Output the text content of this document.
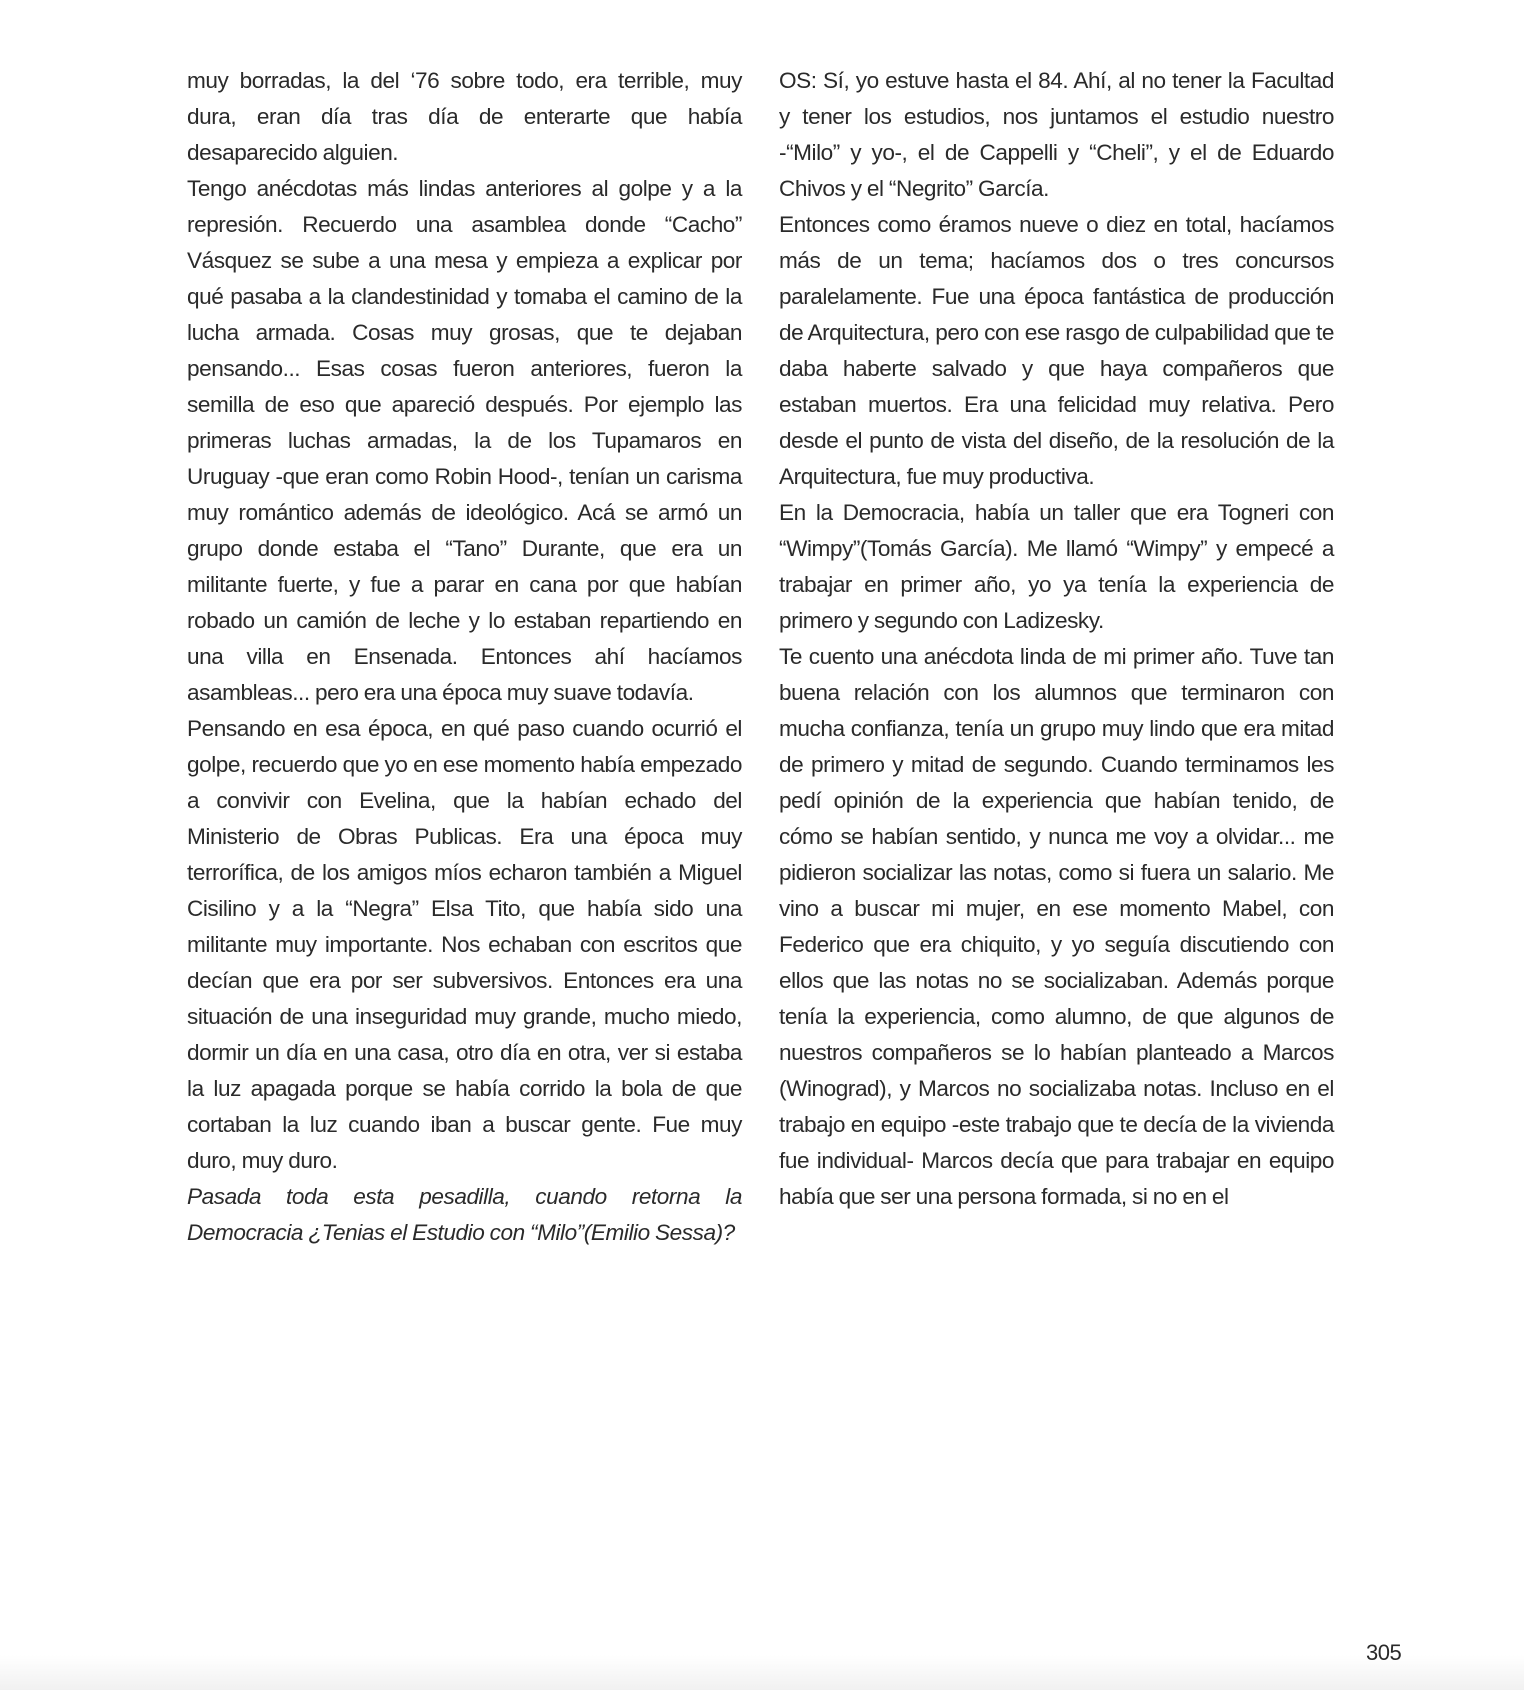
muy borradas, la del ‘76 sobre todo, era terrible, muy dura, eran día tras día de enterarte que había desaparecido alguien.

Tengo anécdotas más lindas anteriores al golpe y a la represión. Recuerdo una asamblea donde “Cacho” Vásquez se sube a una mesa y empieza a explicar por qué pasaba a la clandestinidad y tomaba el camino de la lucha armada. Cosas muy grosas, que te dejaban pensando... Esas cosas fueron anteriores, fueron la semilla de eso que apareció después. Por ejemplo las primeras luchas armadas, la de los Tupamaros en Uruguay -que eran como Robin Hood-, tenían un carisma muy romántico además de ideológico. Acá se armó un grupo donde estaba el “Tano” Durante, que era un militante fuerte, y fue a parar en cana por que habían robado un camión de leche y lo estaban repartiendo en una villa en Ensenada. Entonces ahí hacíamos asambleas... pero era una época muy suave todavía.

Pensando en esa época, en qué paso cuando ocurrió el golpe, recuerdo que yo en ese momento había empezado a convivir con Evelina, que la habían echado del Ministerio de Obras Publicas. Era una época muy terrorífica, de los amigos míos echaron también a Miguel Cisilino y a la “Negra” Elsa Tito, que había sido una militante muy importante. Nos echaban con escritos que decían que era por ser subversivos. Entonces era una situación de una inseguridad muy grande, mucho miedo, dormir un día en una casa, otro día en otra, ver si estaba la luz apagada porque se había corrido la bola de que cortaban la luz cuando iban a buscar gente. Fue muy duro, muy duro.

Pasada toda esta pesadilla, cuando retorna la Democracia ¿Tenias el Estudio con “Milo”(Emilio Sessa)?

OS: Sí, yo estuve hasta el 84. Ahí, al no tener la Facultad y tener los estudios, nos juntamos el estudio nuestro -“Milo” y yo-, el de Cappelli y “Cheli”, y el de Eduardo Chivos y el “Negrito” García.

Entonces como éramos nueve o diez en total, hacíamos más de un tema; hacíamos dos o tres concursos paralelamente. Fue una época fantástica de producción de Arquitectura, pero con ese rasgo de culpabilidad que te daba haberte salvado y que haya compañeros que estaban muertos. Era una felicidad muy relativa. Pero desde el punto de vista del diseño, de la resolución de la Arquitectura, fue muy productiva.

En la Democracia, había un taller que era Togneri con “Wimpy”(Tomás García). Me llamó “Wimpy” y empecé a trabajar en primer año, yo ya tenía la experiencia de primero y segundo con Ladizesky.

Te cuento una anécdota linda de mi primer año. Tuve tan buena relación con los alumnos que terminaron con mucha confianza, tenía un grupo muy lindo que era mitad de primero y mitad de segundo. Cuando terminamos les pedí opinión de la experiencia que habían tenido, de cómo se habían sentido, y nunca me voy a olvidar... me pidieron socializar las notas, como si fuera un salario. Me vino a buscar mi mujer, en ese momento Mabel, con Federico que era chiquito, y yo seguía discutiendo con ellos que las notas no se socializaban. Además porque tenía la experiencia, como alumno, de que algunos de nuestros compañeros se lo habían planteado a Marcos (Winograd), y Marcos no socializaba notas. Incluso en el trabajo en equipo -este trabajo que te decía de la vivienda fue individual- Marcos decía que para trabajar en equipo había que ser una persona formada, si no en el

305
